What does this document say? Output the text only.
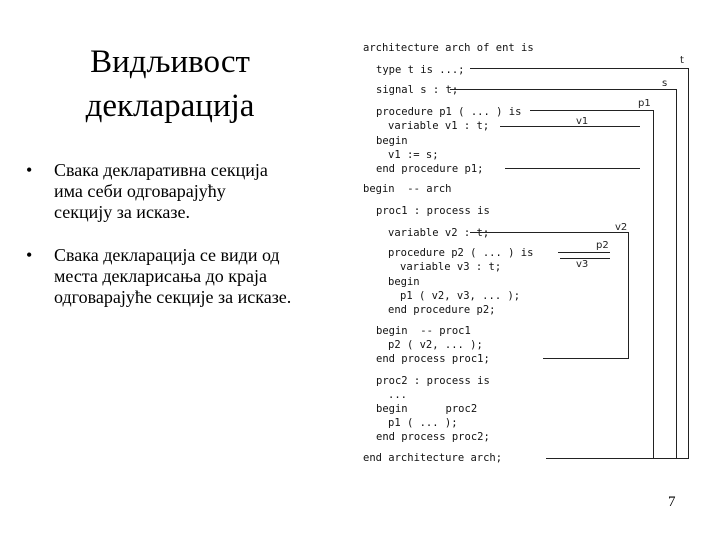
Видљивост
декларација
• Свака декларативна секција
има себи одговарајућу
секцију за исказе.
• Свака декларација се види од
места декларисања до краја
одговарајуће секције за исказе.
architecture arch of ent is
type t is ...;
signal s : t;
procedure p1 ( ... ) is
variable v1 : t;
begin
v1 := s;
end procedure p1;
begin  -- arch
proc1 : process is
variable v2 : t;
procedure p2 ( ... ) is
variable v3 : t;
begin
p1 ( v2, v3, ... );
end procedure p2;
begin  -- proc1
p2 ( v2, ... );
end process proc1;
proc2 : process is
...
begin      proc2
p1 ( ... );
end process proc2;
end architecture arch;
t
s
p1
v1
v2
p2
v3
7
